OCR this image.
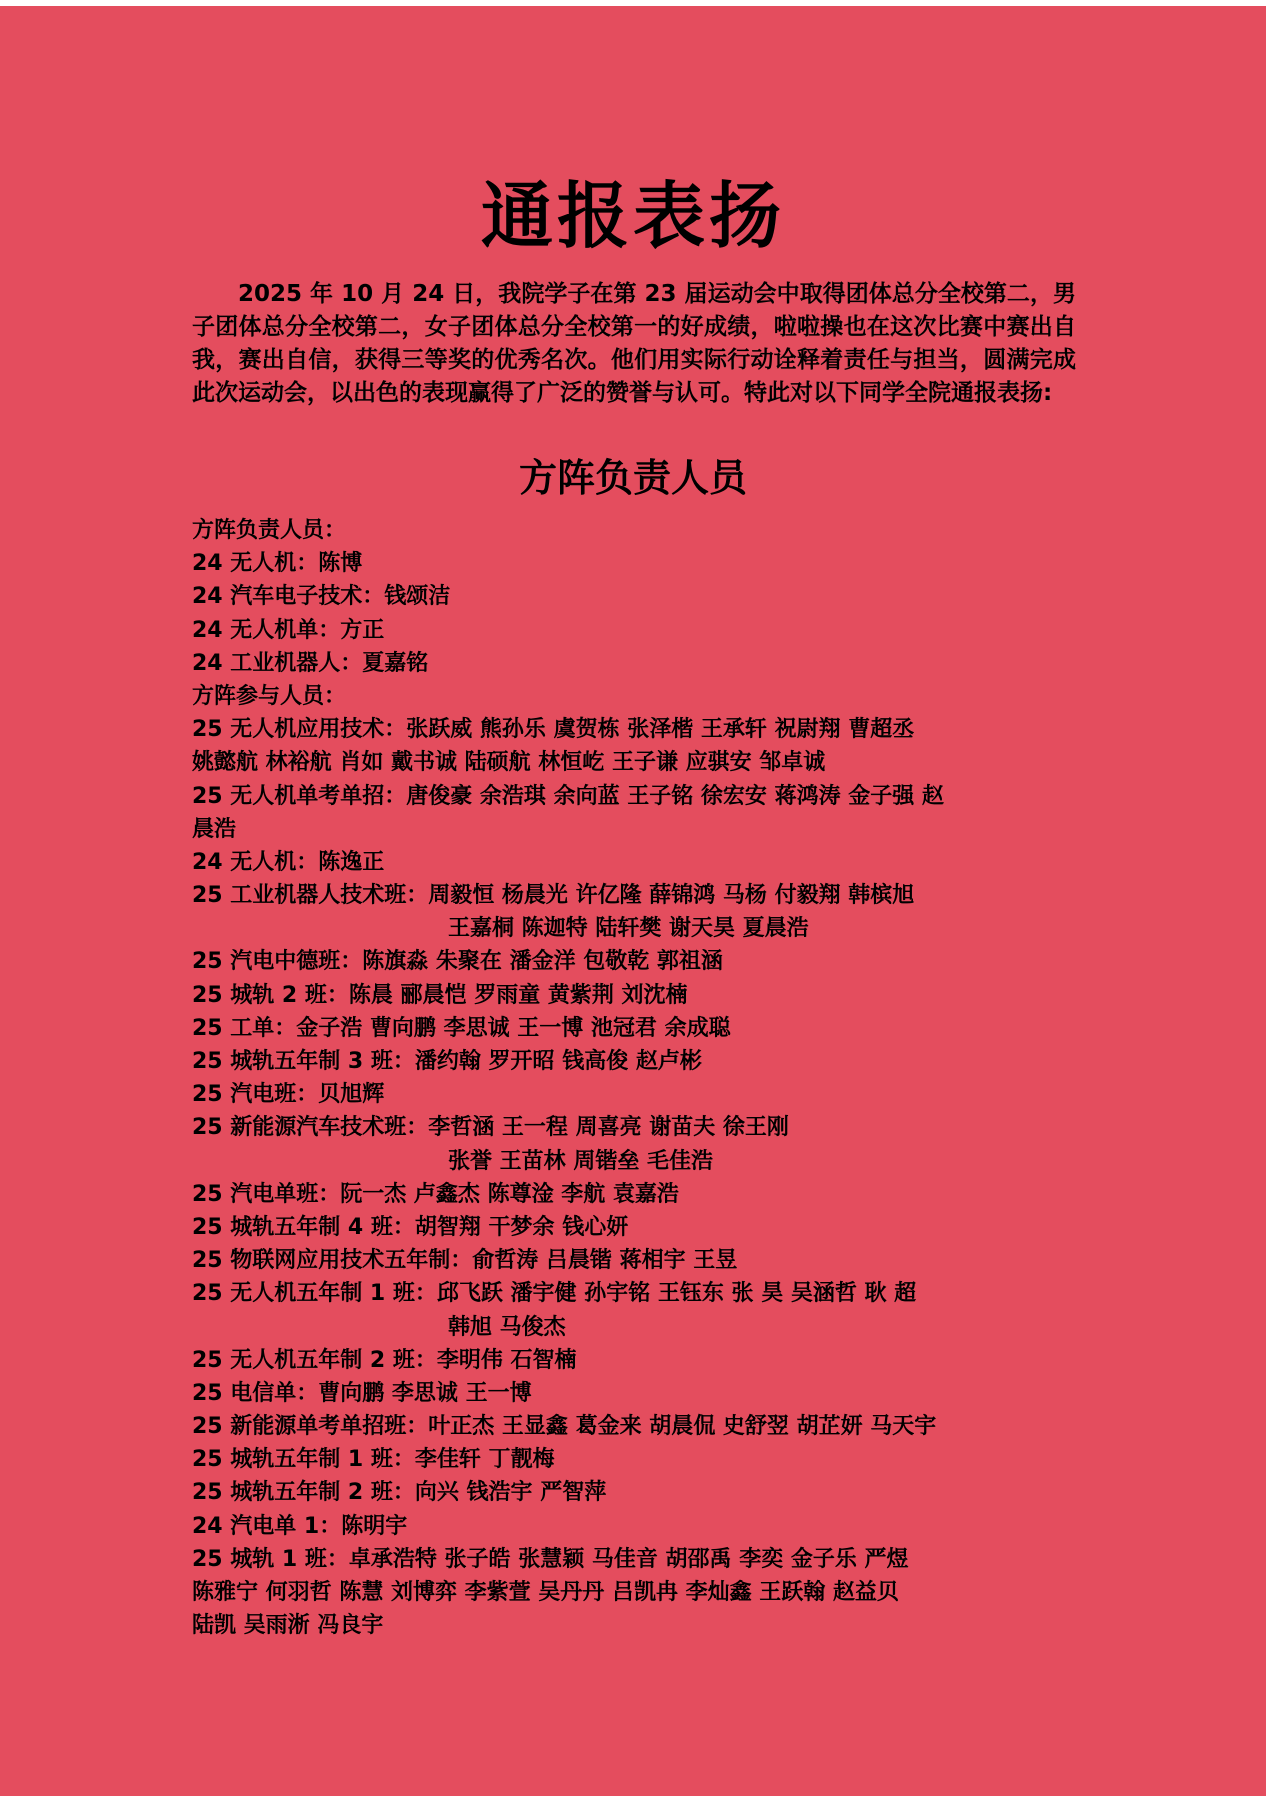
通报表扬
2025 年 10 月 24 日，我院学子在第 23 届运动会中取得团体总分全校第二，男子团体总分全校第二，女子团体总分全校第一的好成绩，啦啦操也在这次比赛中赛出自我，赛出自信，获得三等奖的优秀名次。他们用实际行动诠释着责任与担当，圆满完成此次运动会，以出色的表现赢得了广泛的赞誉与认可。特此对以下同学全院通报表扬:
方阵负责人员
方阵负责人员：
24 无人机：陈博
24 汽车电子技术：钱颂洁
24 无人机单：方正
24 工业机器人：夏嘉铭
方阵参与人员：
25 无人机应用技术：张跃威 熊孙乐 虞贺栋 张泽楷 王承轩 祝尉翔 曹超丞
姚懿航 林裕航 肖如 戴书诚 陆硕航 林恒屹 王子谦 应骐安 邹卓诚
25 无人机单考单招：唐俊豪 余浩琪 余向蓝 王子铭 徐宏安 蒋鸿涛 金子强 赵
晨浩
24 无人机：陈逸正
25 工业机器人技术班：周毅恒 杨晨光 许亿隆 薛锦鸿 马杨 付毅翔 韩槟旭
王嘉桐 陈迦特 陆轩樊 谢天昊 夏晨浩
25 汽电中德班：陈旗淼 朱聚在 潘金洋 包敬乾 郭祖涵
25 城轨 2 班：陈晨 郦晨恺 罗雨童 黄紫荆 刘沈楠
25 工单：金子浩 曹向鹏 李思诚 王一博 池冠君 余成聪
25 城轨五年制 3 班：潘约翰 罗开昭 钱高俊 赵卢彬
25 汽电班：贝旭辉
25 新能源汽车技术班：李哲涵 王一程 周喜亮 谢苗夫 徐王刚
张誉 王苗林 周锴垒 毛佳浩
25 汽电单班：阮一杰 卢鑫杰 陈尊淦 李航 袁嘉浩
25 城轨五年制 4 班：胡智翔 干梦余 钱心妍
25 物联网应用技术五年制：俞哲涛 吕晨锴 蒋相宇 王昱
25 无人机五年制 1 班：邱飞跃 潘宇健 孙宇铭 王钰东 张 昊 吴涵哲 耿 超
韩旭 马俊杰
25 无人机五年制 2 班：李明伟 石智楠
25 电信单：曹向鹏 李思诚 王一博
25 新能源单考单招班：叶正杰 王显鑫 葛金来 胡晨侃 史舒翌 胡芷妍 马天宇
25 城轨五年制 1 班：李佳轩 丁靓梅
25 城轨五年制 2 班：向兴 钱浩宇 严智萍
24 汽电单 1：陈明宇
25 城轨 1 班：卓承浩特 张子皓 张慧颖 马佳音 胡邵禹 李奕 金子乐 严煜
陈雅宁 何羽哲 陈慧 刘博弈 李紫萱 吴丹丹 吕凯冉 李灿鑫 王跃翰 赵益贝
陆凯 吴雨淅 冯良宇
